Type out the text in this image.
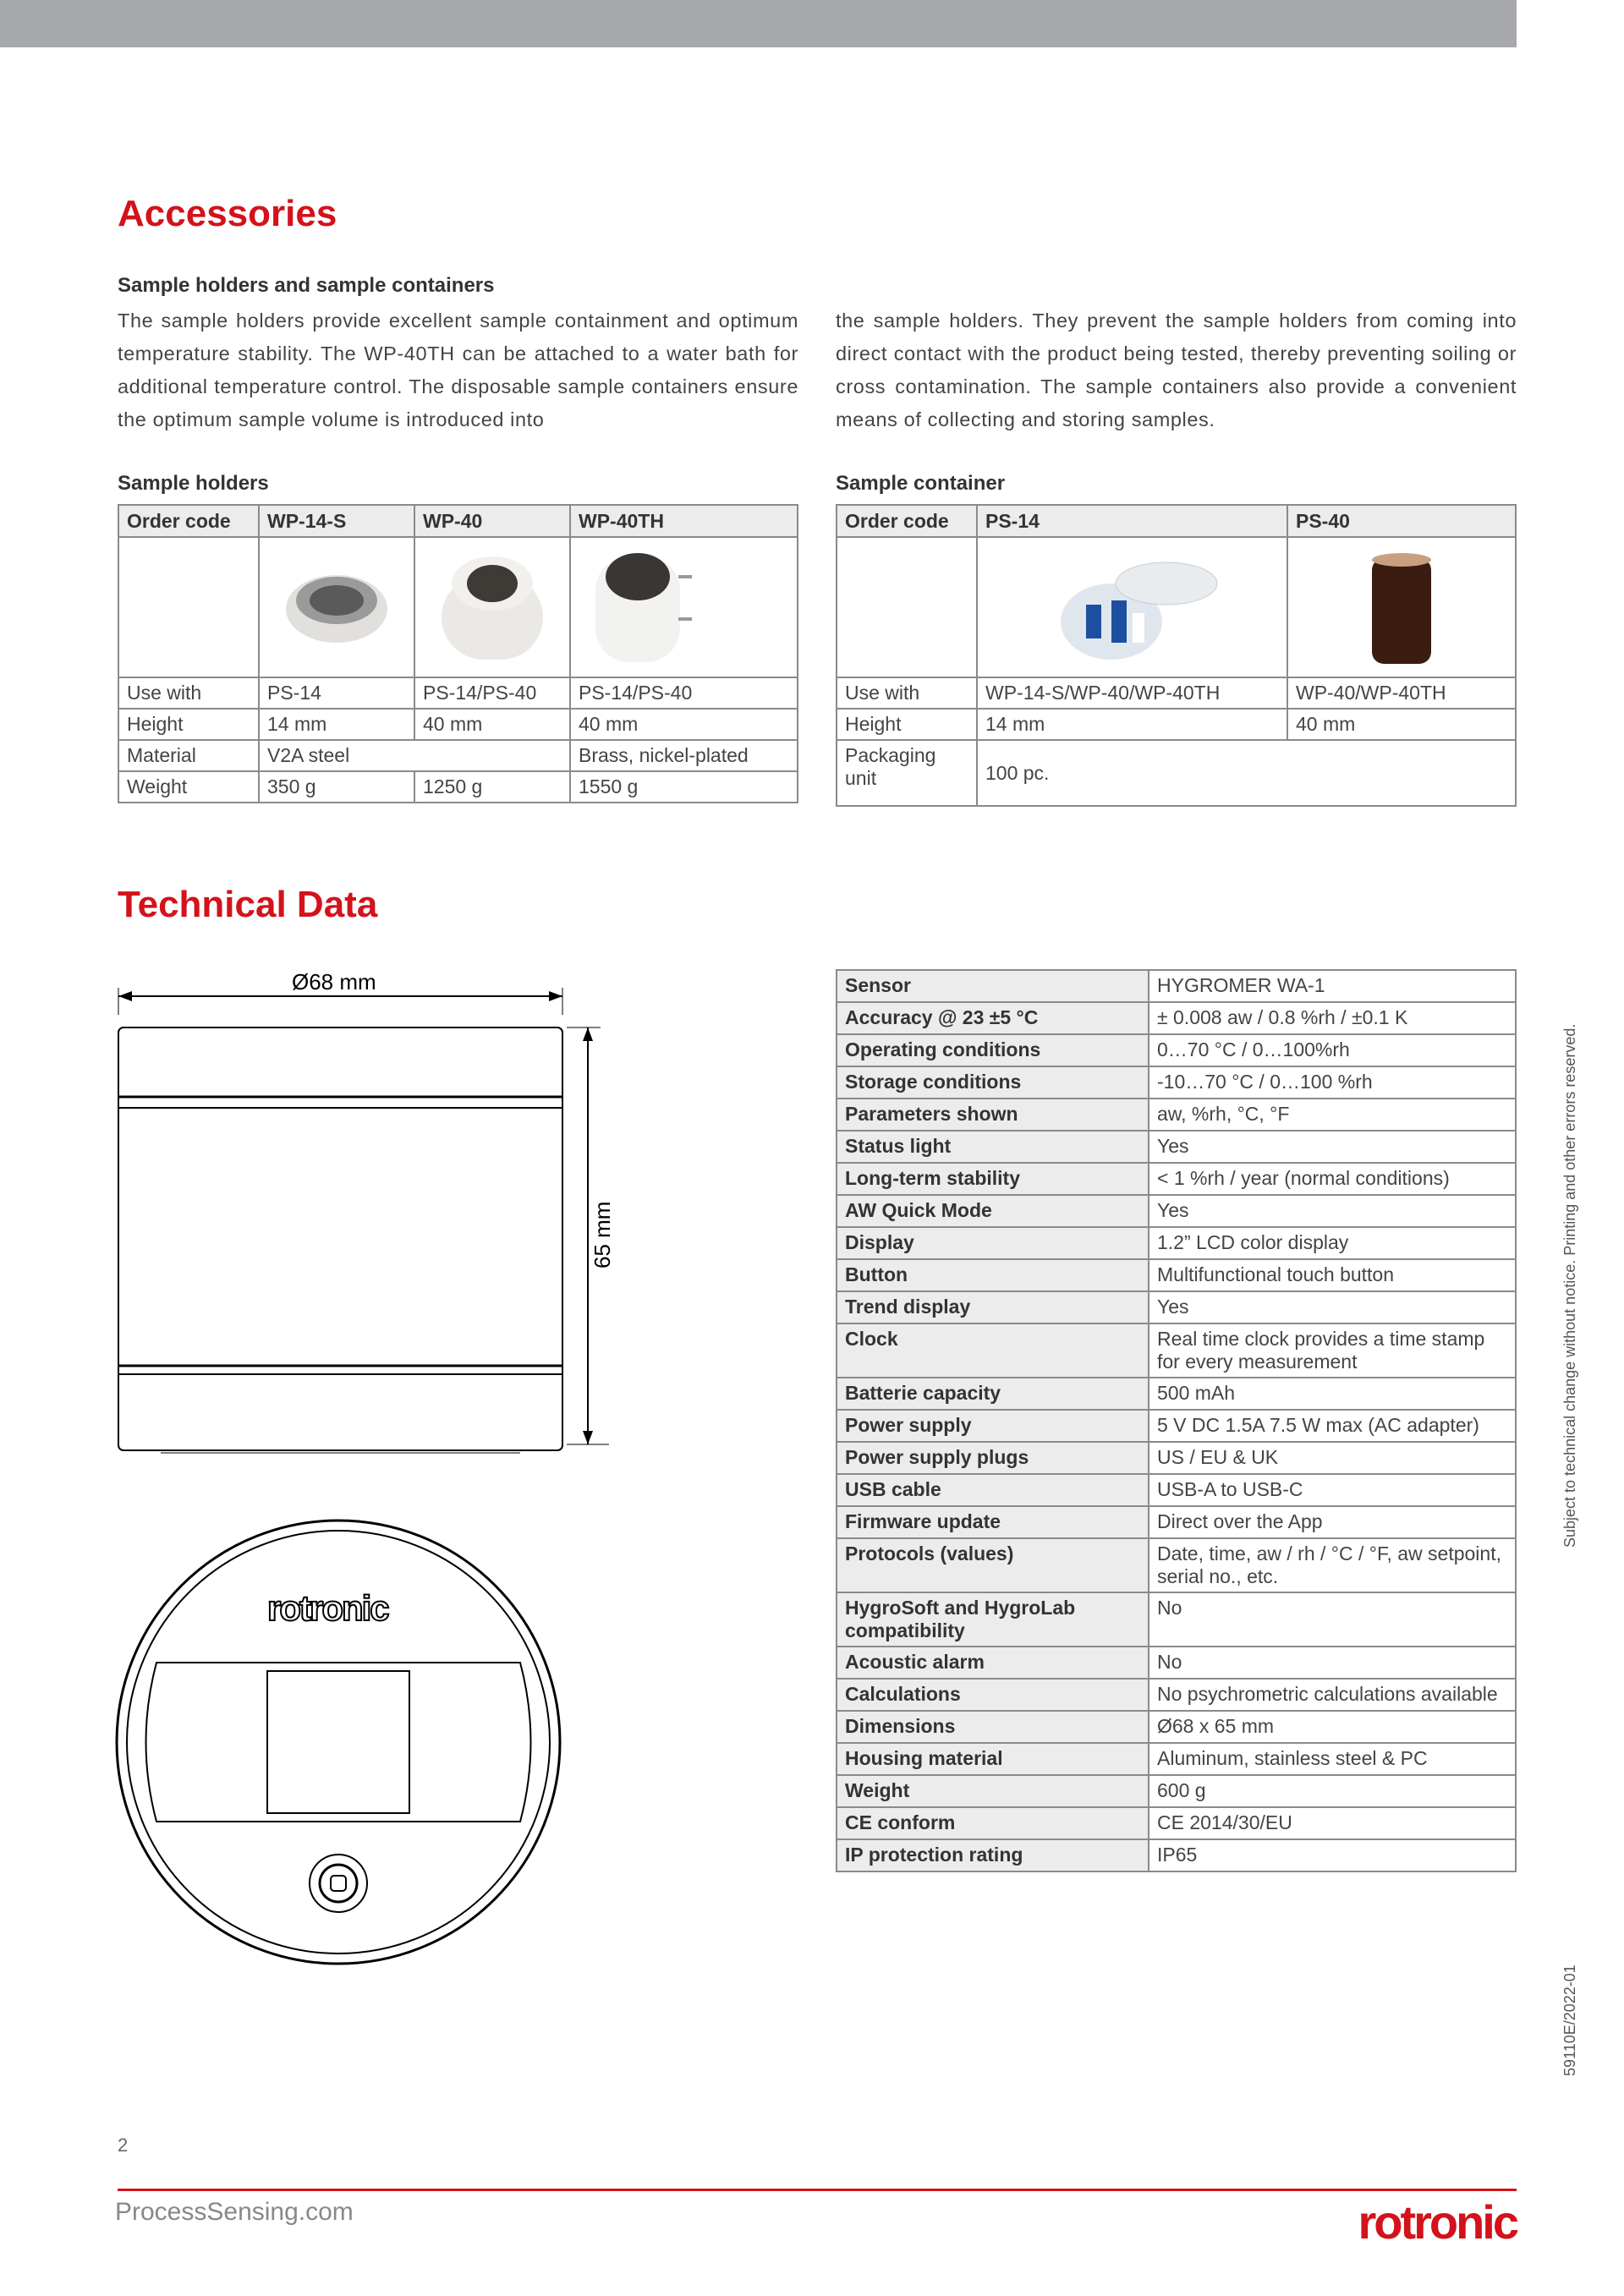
Accessories
Sample holders and sample containers
The sample holders provide excellent sample containment and optimum temperature stability. The WP-40TH can be attached to a water bath for additional temperature control. The disposable sample containers ensure the optimum sample volume is introduced into
the sample holders. They prevent the sample holders from coming into direct contact with the product being tested, thereby preventing soiling or cross contamination. The sample containers also provide a convenient means of collecting and storing samples.
Sample holders
Order code	WP-14-S	WP-40	WP-40TH

Use with	PS-14	PS-14/PS-40	PS-14/PS-40
Height	14 mm	40 mm	40 mm
Material	V2A steel		Brass, nickel-plated
Weight	350 g	1250 g	1550 g
Sample container
Order code	PS-14	PS-40

Use with	WP-14-S/WP-40/WP-40TH	WP-40/WP-40TH
Height	14 mm	40 mm
Packaging unit	100 pc.	
Technical Data
Ø68 mm
65 mm
rotronic
Sensor	HYGROMER WA-1
Accuracy @ 23 ±5 °C	± 0.008 aw / 0.8 %rh / ±0.1 K
Operating conditions	0…70 °C / 0…100%rh
Storage conditions	-10…70 °C / 0…100 %rh
Parameters shown	aw, %rh, °C, °F
Status light	Yes
Long-term stability	< 1 %rh / year (normal conditions)
AW Quick Mode	Yes
Display	1.2” LCD color display
Button	Multifunctional touch button
Trend display	Yes
Clock	Real time clock provides a time stamp for every measurement
Batterie capacity	500 mAh
Power supply	5 V DC 1.5A 7.5 W max (AC adapter)
Power supply plugs	US / EU & UK
USB cable	USB-A to USB-C
Firmware update	Direct over the App
Protocols (values)	Date, time, aw / rh / °C / °F, aw setpoint, serial no., etc.
HygroSoft and HygroLab compatibility	No
Acoustic alarm	No
Calculations	No psychrometric calculations available
Dimensions	Ø68 x 65 mm
Housing material	Aluminum, stainless steel & PC
Weight	600 g
CE conform	CE 2014/30/EU
IP protection rating	IP65
2
ProcessSensing.com	rotronic
Subject to technical change without notice. Printing and other errors reserved.
59110E/2022-01
